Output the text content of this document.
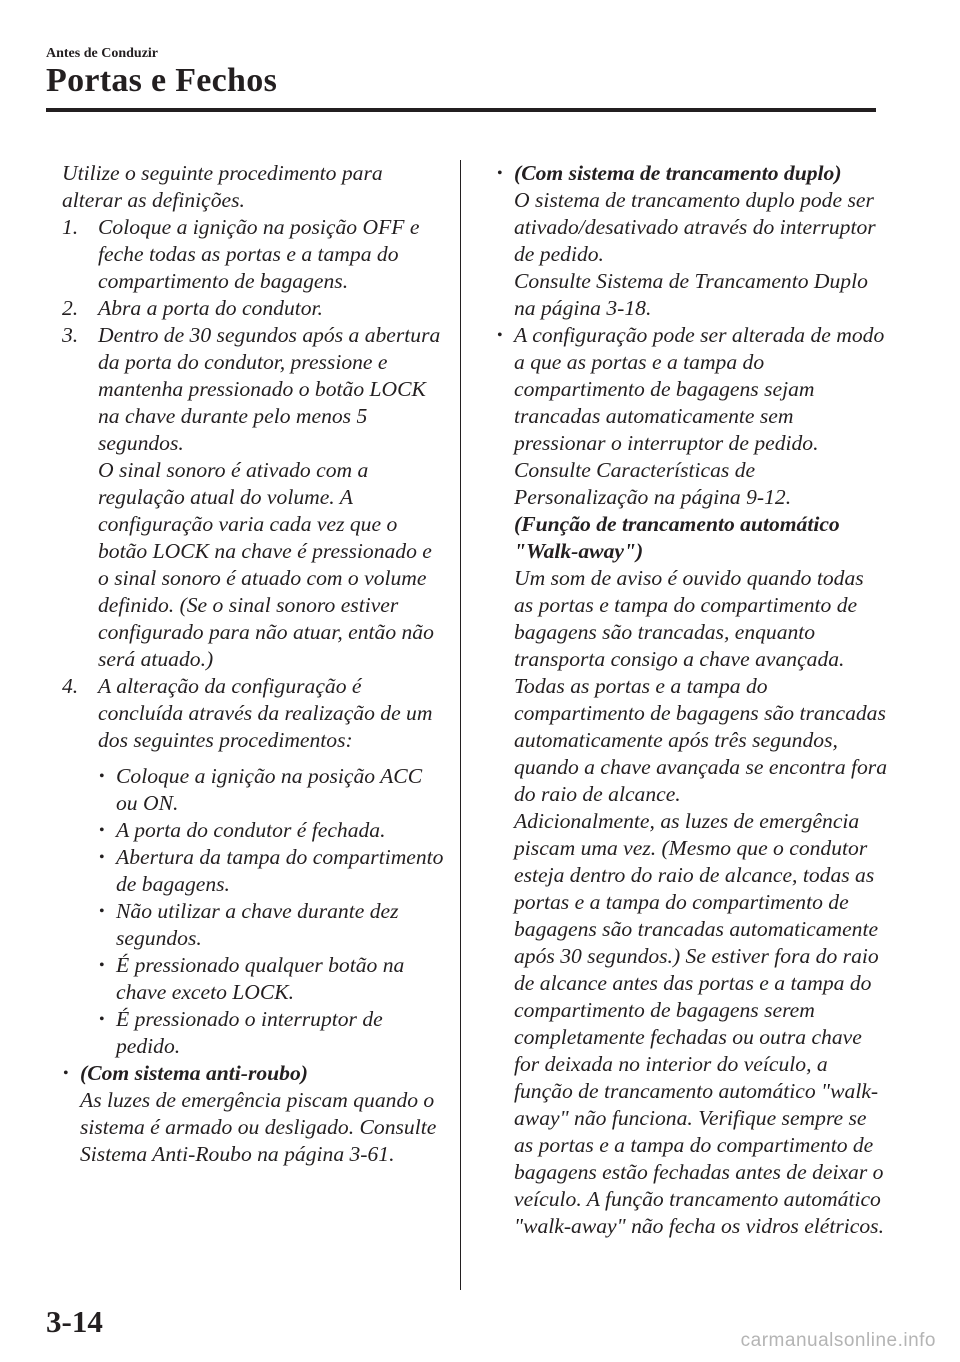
Antes de Conduzir
Portas e Fechos

Utilize o seguinte procedimento para alterar as definições.

1. Coloque a ignição na posição OFF e feche todas as portas e a tampa do compartimento de bagagens.

2. Abra a porta do condutor.

3. Dentro de 30 segundos após a abertura da porta do condutor, pressione e mantenha pressionado o botão LOCK na chave durante pelo menos 5 segundos.

O sinal sonoro é ativado com a regulação atual do volume. A configuração varia cada vez que o botão LOCK na chave é pressionado e o sinal sonoro é atuado com o volume definido. (Se o sinal sonoro estiver configurado para não atuar, então não será atuado.)

4. A alteração da configuração é concluída através da realização de um dos seguintes procedimentos:

• Coloque a ignição na posição ACC ou ON.
• A porta do condutor é fechada.
• Abertura da tampa do compartimento de bagagens.
• Não utilizar a chave durante dez segundos.
• É pressionado qualquer botão na chave exceto LOCK.
• É pressionado o interruptor de pedido.
• (Com sistema anti-roubo)

As luzes de emergência piscam quando o sistema é armado ou desligado. Consulte Sistema Anti-Roubo na página 3-61.

• (Com sistema de trancamento duplo)

O sistema de trancamento duplo pode ser ativado/desativado através do interruptor de pedido.

Consulte Sistema de Trancamento Duplo na página 3-18.

• A configuração pode ser alterada de modo a que as portas e a tampa do compartimento de bagagens sejam trancadas automaticamente sem pressionar o interruptor de pedido.

Consulte Características de Personalização na página 9-12.

(Função de trancamento automático "Walk-away")

Um som de aviso é ouvido quando todas as portas e tampa do compartimento de bagagens são trancadas, enquanto transporta consigo a chave avançada.

Todas as portas e a tampa do compartimento de bagagens são trancadas automaticamente após três segundos, quando a chave avançada se encontra fora do raio de alcance.

Adicionalmente, as luzes de emergência piscam uma vez. (Mesmo que o condutor esteja dentro do raio de alcance, todas as portas e a tampa do compartimento de bagagens são trancadas automaticamente após 30 segundos.) Se estiver fora do raio de alcance antes das portas e a tampa do compartimento de bagagens serem completamente fechadas ou outra chave for deixada no interior do veículo, a função de trancamento automático "walk-away" não funciona. Verifique sempre se as portas e a tampa do compartimento de bagagens estão fechadas antes de deixar o veículo. A função trancamento automático "walk-away" não fecha os vidros elétricos.

3-14
carmanualsonline.info
